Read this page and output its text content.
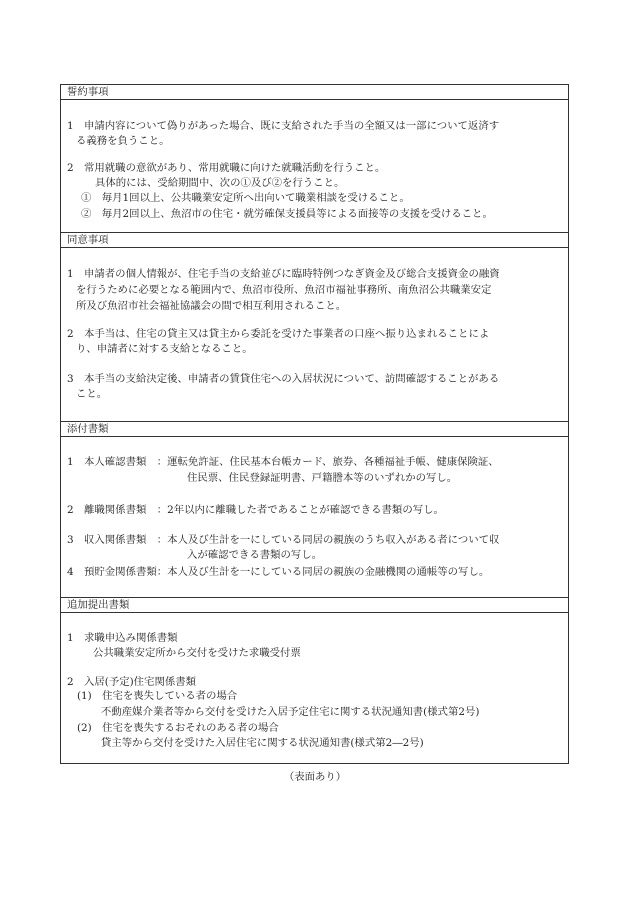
誓約事項
1　申請内容について偽りがあった場合、既に支給された手当の全額又は一部について返済す
る義務を負うこと。
2　常用就職の意欲があり、常用就職に向けた就職活動を行うこと。
具体的には、受給期間中、次の①及び②を行うこと。
①　毎月1回以上、公共職業安定所へ出向いて職業相談を受けること。
②　毎月2回以上、魚沼市の住宅・就労確保支援員等による面接等の支援を受けること。
同意事項
1　申請者の個人情報が、住宅手当の支給並びに臨時特例つなぎ資金及び総合支援資金の融資
を行うために必要となる範囲内で、魚沼市役所、魚沼市福祉事務所、南魚沼公共職業安定
所及び魚沼市社会福祉協議会の間で相互利用されること。
2　本手当は、住宅の貸主又は貸主から委託を受けた事業者の口座へ振り込まれることによ
り、申請者に対する支給となること。
3　本手当の支給決定後、申請者の賃貸住宅への入居状況について、訪問確認することがある
こと。
添付書類
1　本人確認書類　：運転免許証、住民基本台帳カード、旅券、各種福祉手帳、健康保険証、
住民票、住民登録証明書、戸籍謄本等のいずれかの写し。
2　離職関係書類　：2年以内に離職した者であることが確認できる書類の写し。
3　収入関係書類　：本人及び生計を一にしている同居の親族のうち収入がある者について収
入が確認できる書類の写し。
4　預貯金関係書類：本人及び生計を一にしている同居の親族の金融機関の通帳等の写し。
追加提出書類
1　求職申込み関係書類
公共職業安定所から交付を受けた求職受付票
2　入居(予定)住宅関係書類
(1)　住宅を喪失している者の場合
不動産媒介業者等から交付を受けた入居予定住宅に関する状況通知書(様式第2号)
(2)　住宅を喪失するおそれのある者の場合
貸主等から交付を受けた入居住宅に関する状況通知書(様式第2―2号)
（表面あり）
